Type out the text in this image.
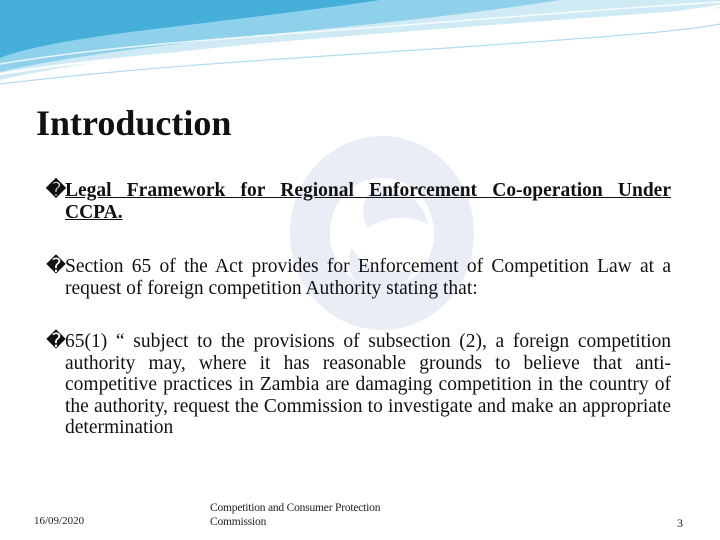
Introduction

� Legal Framework for Regional Enforcement Co-operation Under CCPA.

� Section 65 of the Act provides for Enforcement of Competition Law at a request of foreign competition Authority stating that:

� 65(1) “ subject to the provisions of subsection (2), a foreign competition authority may, where it has reasonable grounds to believe that anti-competitive practices in Zambia are damaging competition in the country of the authority, request the Commission to investigate and make an appropriate determination

16/09/2020
Competition and Consumer Protection
Commission	3
